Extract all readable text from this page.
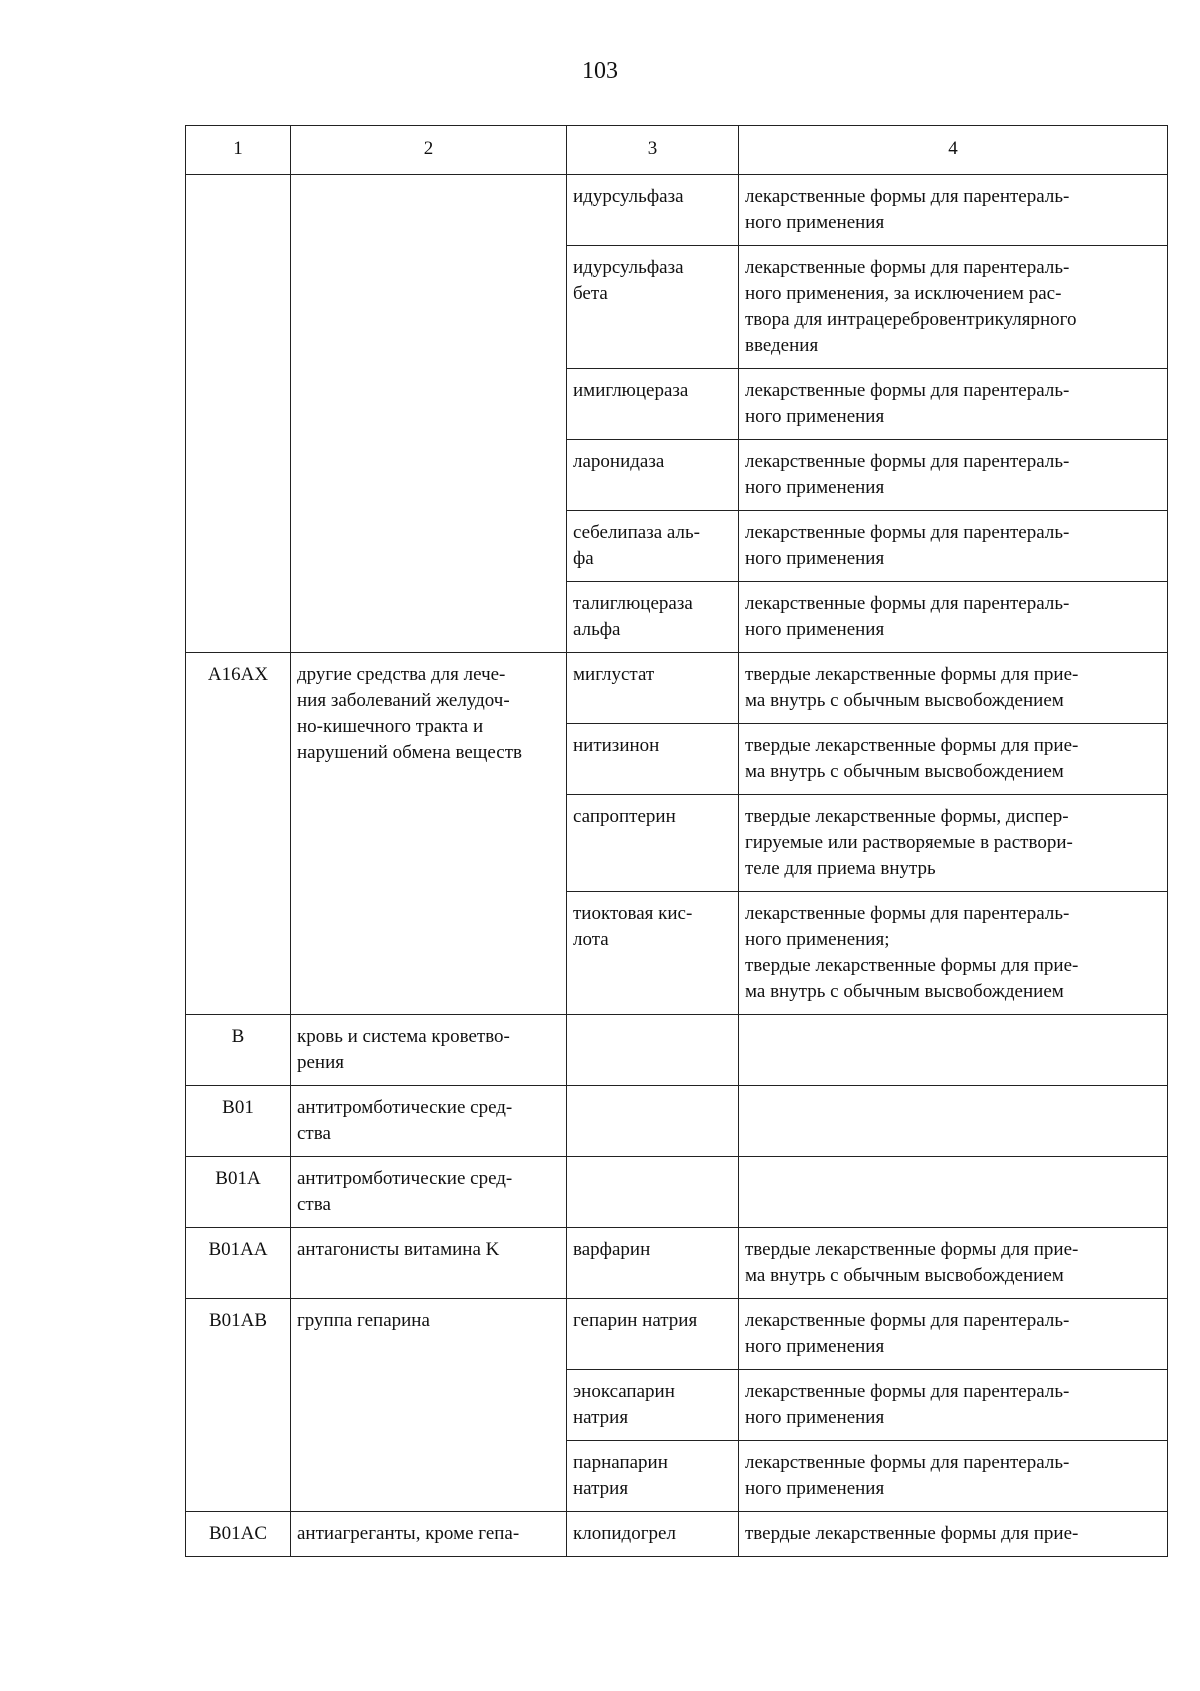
103
1	2	3	4
		идурсульфаза	лекарственные формы для парентераль-
ного применения
		идурсульфаза
бета	лекарственные формы для парентераль-
ного применения, за исключением рас-
твора для интрацеребровентрикулярного
введения
		имиглюцераза	лекарственные формы для парентераль-
ного применения
		ларонидаза	лекарственные формы для парентераль-
ного применения
		себелипаза аль-
фа	лекарственные формы для парентераль-
ного применения
		талиглюцераза
альфа	лекарственные формы для парентераль-
ного применения
A16AX	другие средства для лече-
ния заболеваний желудоч-
но-кишечного тракта и
нарушений обмена веществ	миглустат	твердые лекарственные формы для прие-
ма внутрь с обычным высвобождением
		нитизинон	твердые лекарственные формы для прие-
ма внутрь с обычным высвобождением
		сапроптерин	твердые лекарственные формы, диспер-
гируемые или растворяемые в раствори-
теле для приема внутрь
		тиоктовая кис-
лота	лекарственные формы для парентераль-
ного применения;
твердые лекарственные формы для прие-
ма внутрь с обычным высвобождением
B	кровь и система кроветво-
рения		
B01	антитромботические сред-
ства		
B01A	антитромботические сред-
ства		
B01AA	антагонисты витамина K	варфарин	твердые лекарственные формы для прие-
ма внутрь с обычным высвобождением
B01AB	группа гепарина	гепарин натрия	лекарственные формы для парентераль-
ного применения
		эноксапарин
натрия	лекарственные формы для парентераль-
ного применения
		парнапарин
натрия	лекарственные формы для парентераль-
ного применения
B01AC	антиагреганты, кроме гепа-	клопидогрел	твердые лекарственные формы для прие-
